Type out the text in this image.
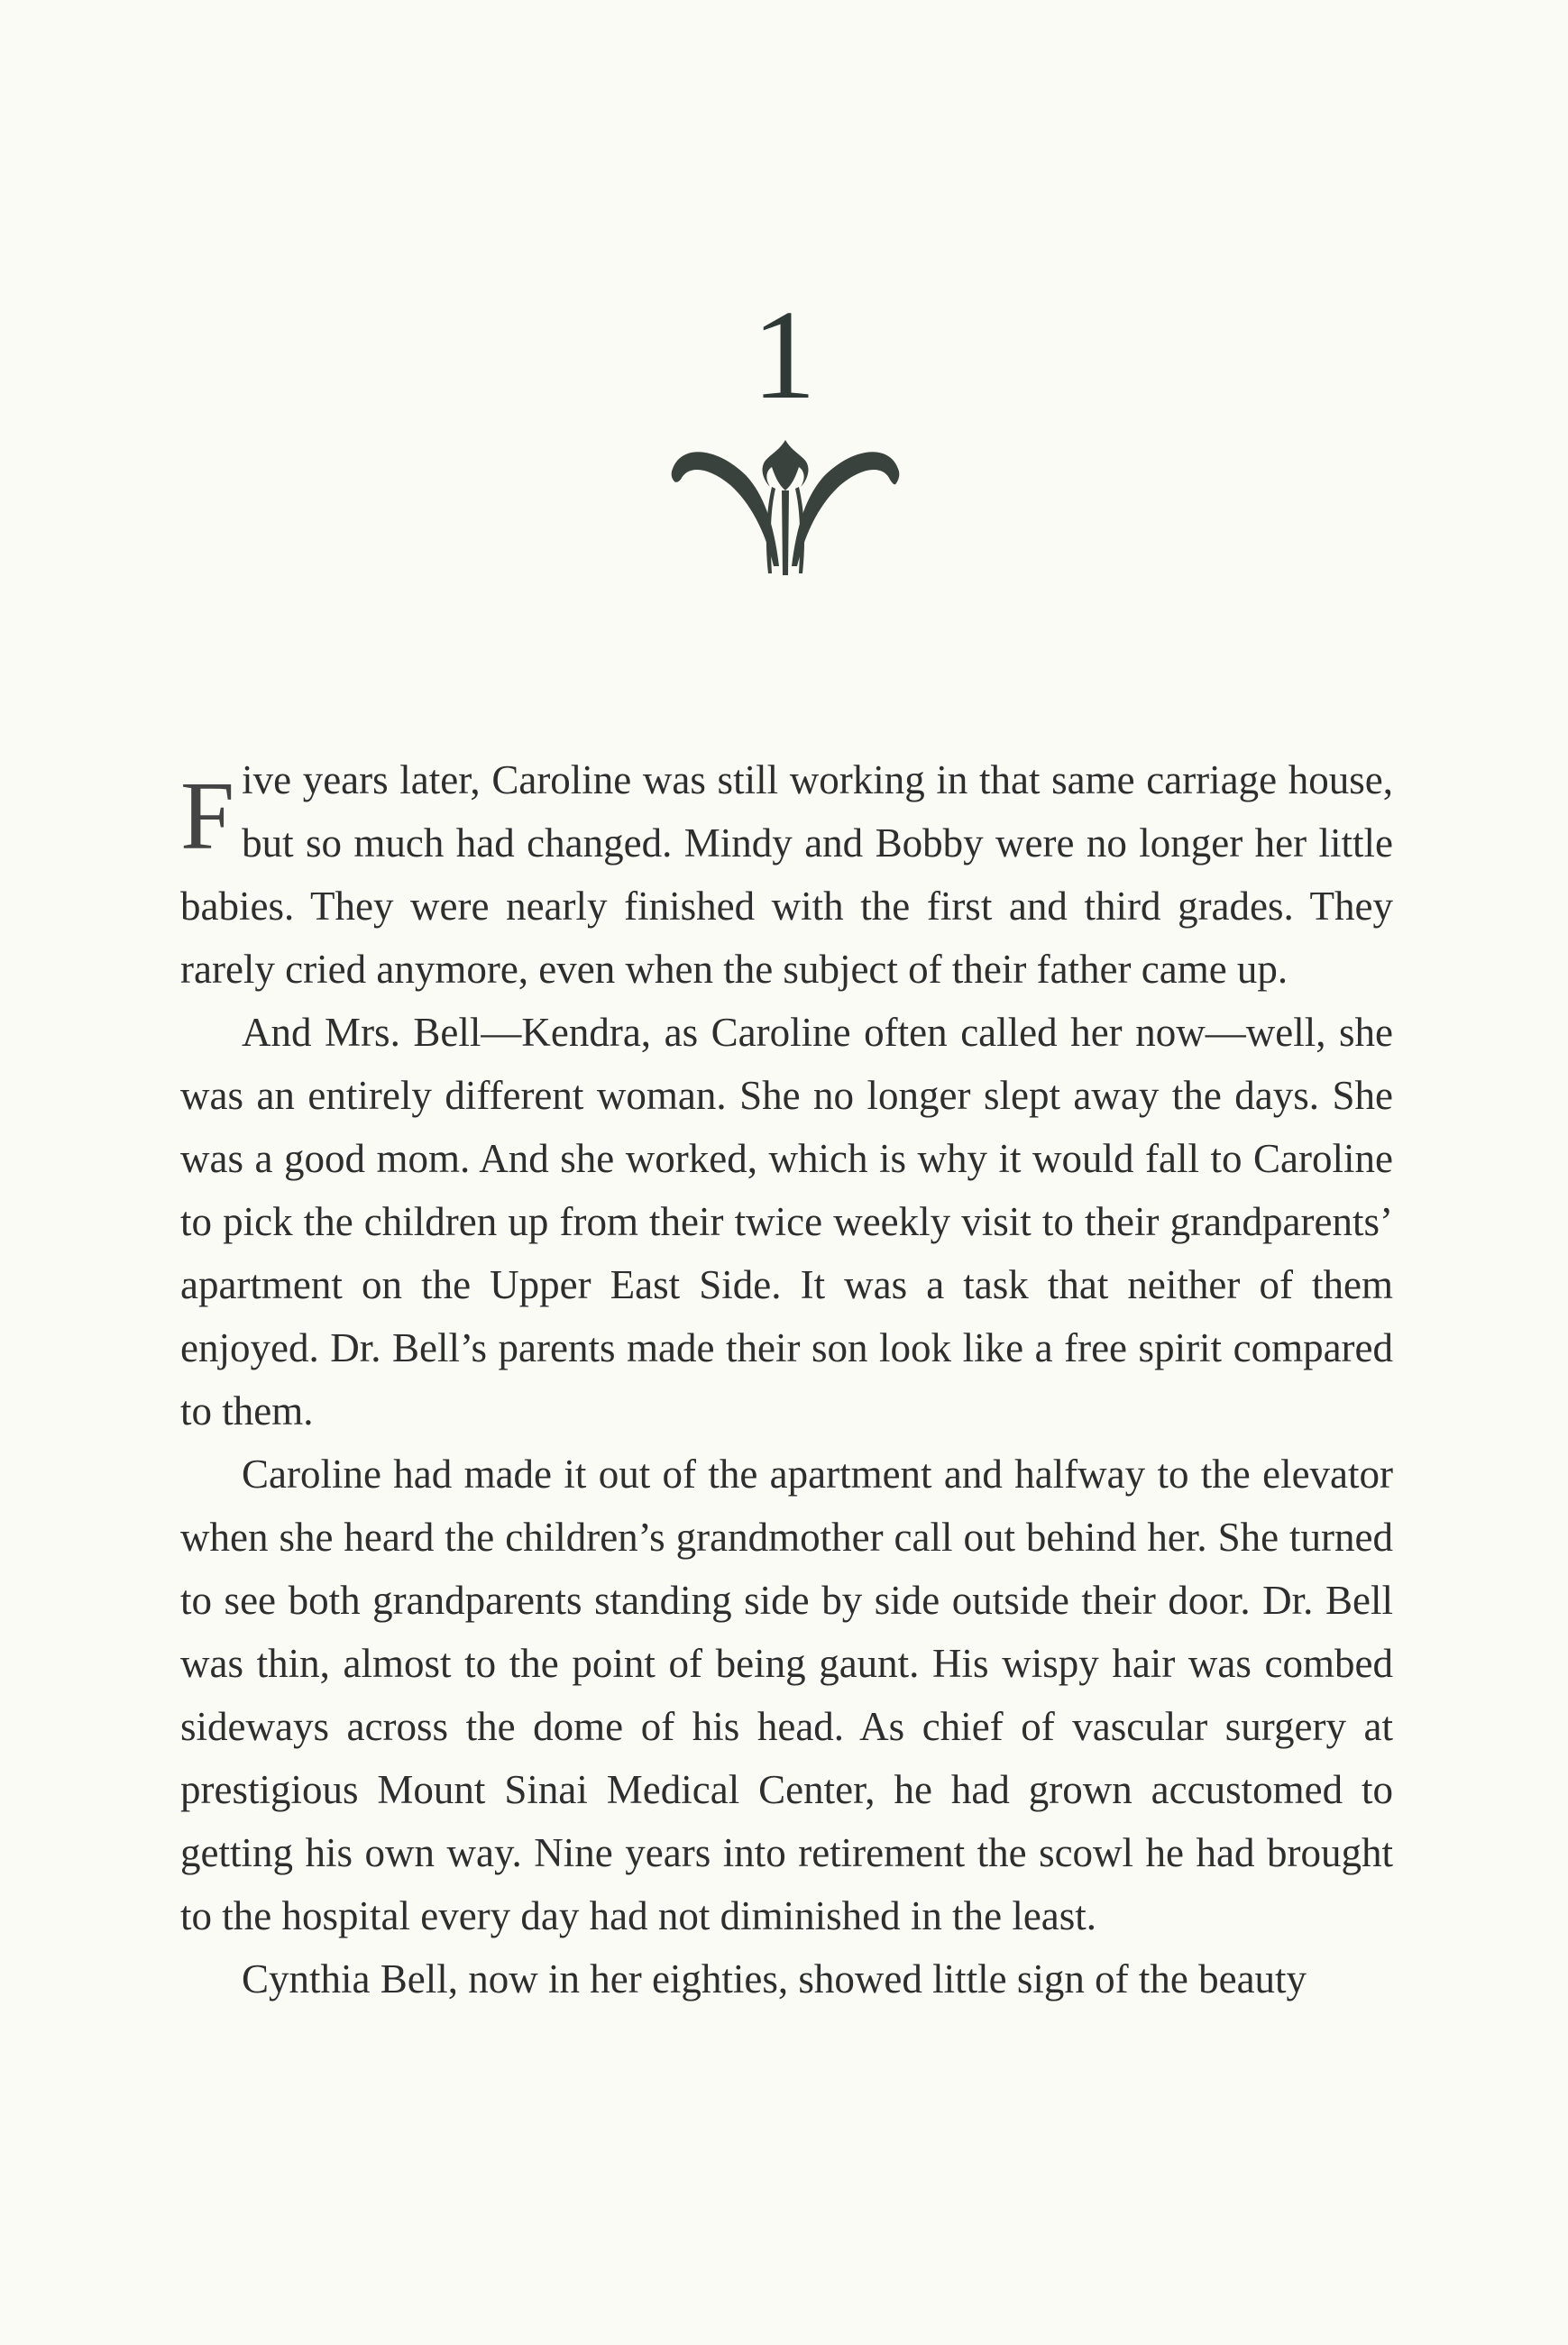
1

Five years later, Caroline was still working in that same carriage house, but so much had changed. Mindy and Bobby were no longer her little babies. They were nearly finished with the first and third grades. They rarely cried anymore, even when the subject of their father came up.

And Mrs. Bell—Kendra, as Caroline often called her now—well, she was an entirely different woman. She no longer slept away the days. She was a good mom. And she worked, which is why it would fall to Caroline to pick the children up from their twice weekly visit to their grandparents’ apartment on the Upper East Side. It was a task that neither of them enjoyed. Dr. Bell’s parents made their son look like a free spirit compared to them.

Caroline had made it out of the apartment and halfway to the elevator when she heard the children’s grandmother call out behind her. She turned to see both grandparents standing side by side outside their door. Dr. Bell was thin, almost to the point of being gaunt. His wispy hair was combed sideways across the dome of his head. As chief of vascular surgery at prestigious Mount Sinai Medical Center, he had grown accustomed to getting his own way. Nine years into retirement the scowl he had brought to the hospital every day had not diminished in the least.

Cynthia Bell, now in her eighties, showed little sign of the beauty
